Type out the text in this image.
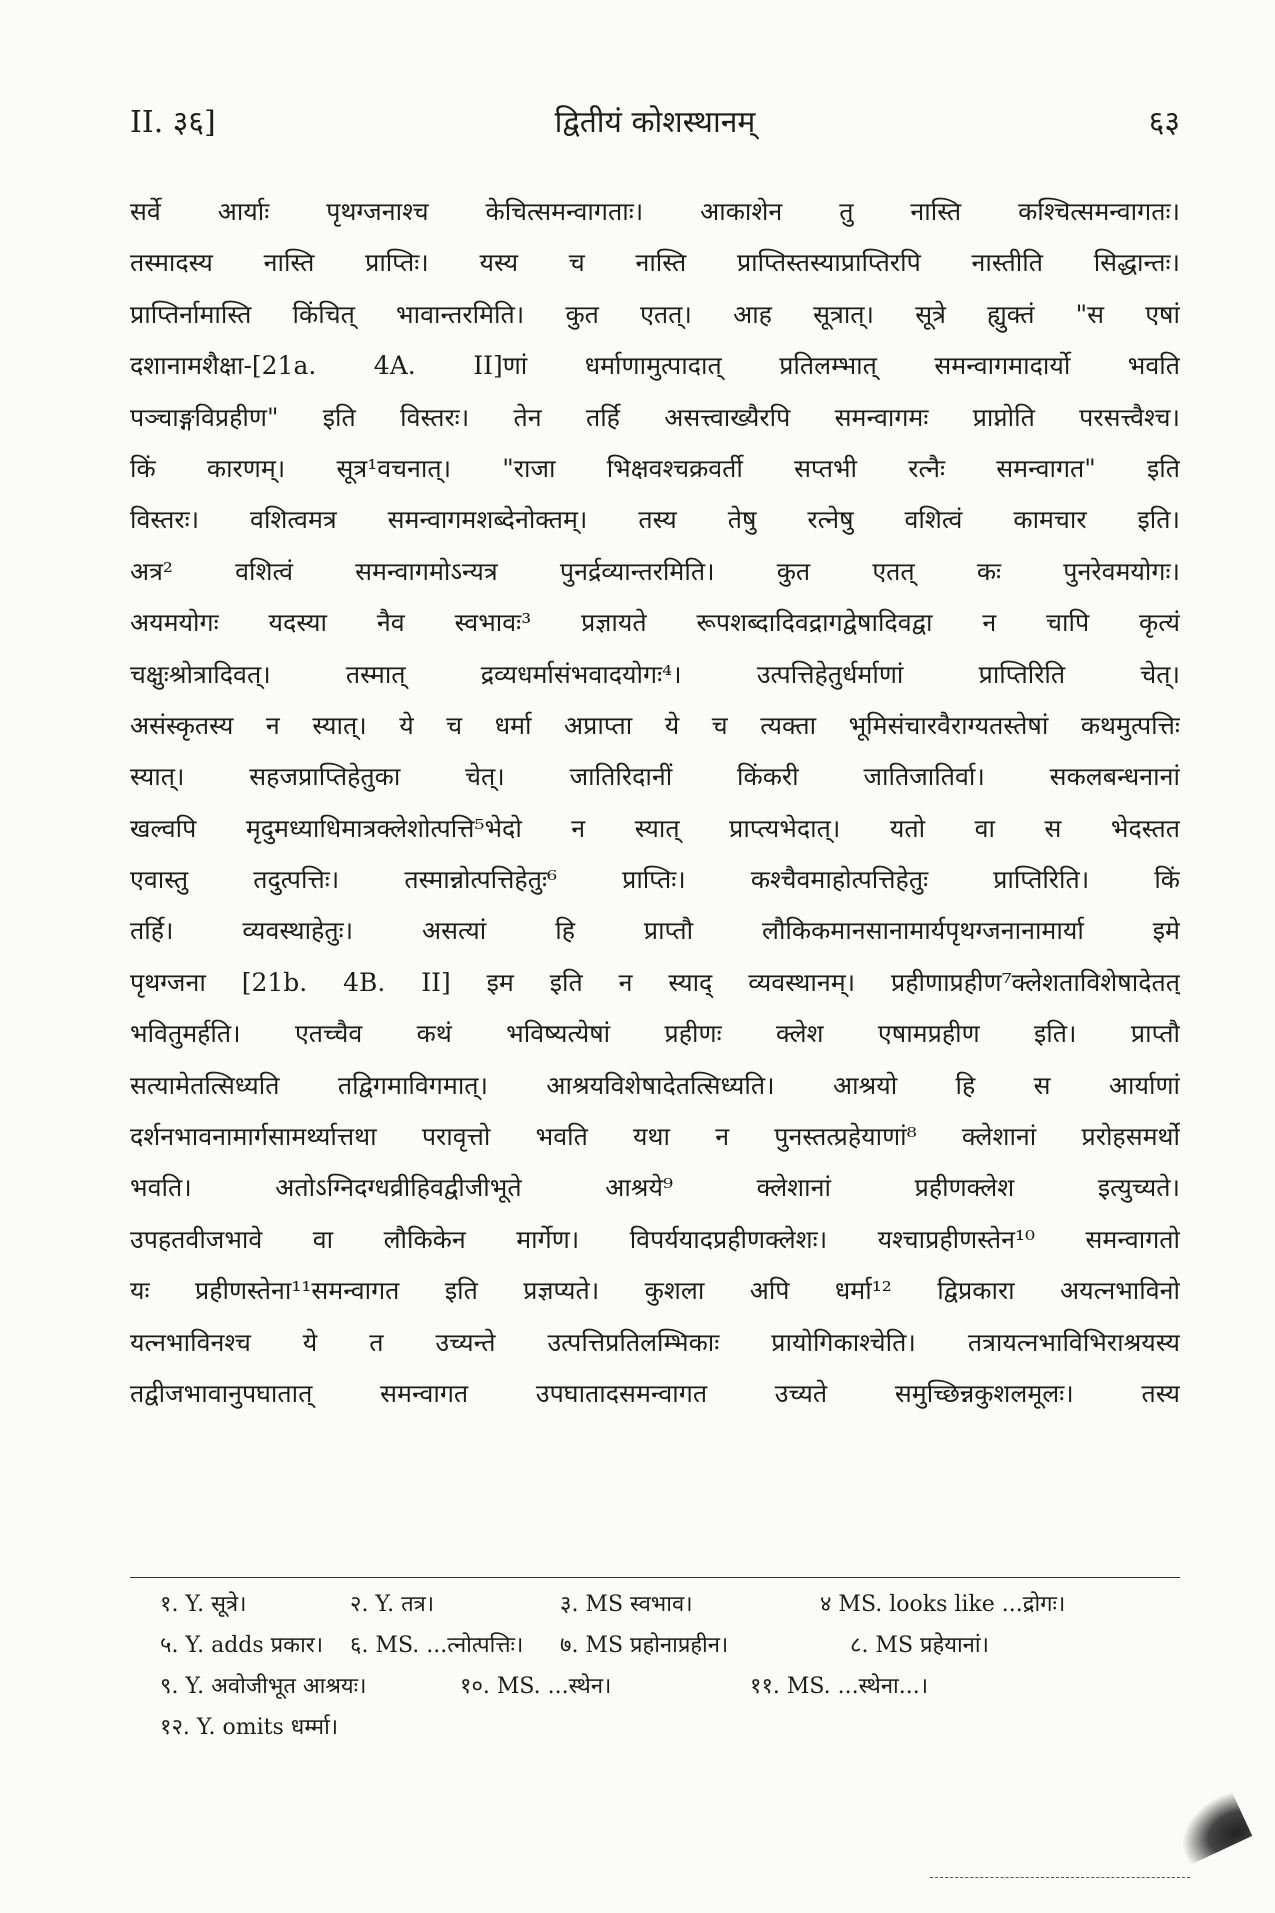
II. ३६]	द्वितीयं कोशस्थानम्	६३
सर्वे आर्याः पृथग्जनाश्च केचित्समन्वागताः। आकाशेन तु नास्ति कश्चित्समन्वागतः।
तस्मादस्य नास्ति प्राप्तिः। यस्य च नास्ति प्राप्तिस्तस्याप्राप्तिरपि नास्तीति सिद्धान्तः।
प्राप्तिर्नामास्ति किंचित् भावान्तरमिति। कुत एतत्। आह सूत्रात्। सूत्रे ह्युक्तं "स एषां
दशानामशैक्षा-[21a. 4A. II]णां धर्माणामुत्पादात् प्रतिलम्भात् समन्वागमादार्यो भवति
पञ्चाङ्गविप्रहीण" इति विस्तरः। तेन तर्हि असत्त्वाख्यैरपि समन्वागमः प्राप्नोति परसत्त्वैश्च।
किं कारणम्। सूत्र¹वचनात्। "राजा भिक्षवश्चक्रवर्ती सप्तभी रत्नैः समन्वागत" इति
विस्तरः। वशित्वमत्र समन्वागमशब्देनोक्तम्। तस्य तेषु रत्नेषु वशित्वं कामचार इति।
अत्र² वशित्वं समन्वागमोऽन्यत्र पुनर्द्रव्यान्तरमिति। कुत एतत् कः पुनरेवमयोगः।
अयमयोगः यदस्या नैव स्वभावः³ प्रज्ञायते रूपशब्दादिवद्रागद्वेषादिवद्वा न चापि कृत्यं
चक्षुःश्रोत्रादिवत्। तस्मात् द्रव्यधर्मासंभवादयोगः⁴। उत्पत्तिहेतुर्धर्माणां प्राप्तिरिति चेत्।
असंस्कृतस्य न स्यात्। ये च धर्मा अप्राप्ता ये च त्यक्ता भूमिसंचारवैराग्यतस्तेषां कथमुत्पत्तिः
स्यात्। सहजप्राप्तिहेतुका चेत्। जातिरिदानीं किंकरी जातिजातिर्वा। सकलबन्धनानां
खल्वपि मृदुमध्याधिमात्रक्लेशोत्पत्ति⁵भेदो न स्यात् प्राप्त्यभेदात्। यतो वा स भेदस्तत
एवास्तु तदुत्पत्तिः। तस्मान्नोत्पत्तिहेतुः⁶ प्राप्तिः। कश्चैवमाहोत्पत्तिहेतुः प्राप्तिरिति। किं
तर्हि। व्यवस्थाहेतुः। असत्यां हि प्राप्तौ लौकिकमानसानामार्यपृथग्जनानामार्या इमे
पृथग्जना [21b. 4B. II] इम इति न स्याद् व्यवस्थानम्। प्रहीणाप्रहीण⁷क्लेशताविशेषादेतत्
भवितुमर्हति। एतच्चैव कथं भविष्यत्येषां प्रहीणः क्लेश एषामप्रहीण इति। प्राप्तौ
सत्यामेतत्सिध्यति तद्विगमाविगमात्। आश्रयविशेषादेतत्सिध्यति। आश्रयो हि स आर्याणां
दर्शनभावनामार्गसामर्थ्यात्तथा परावृत्तो भवति यथा न पुनस्तत्प्रहेयाणां⁸ क्लेशानां प्ररोहसमर्थो
भवति। अतोऽग्निदग्धव्रीहिवद्वीजीभूते आश्रये⁹ क्लेशानां प्रहीणक्लेश इत्युच्यते।
उपहतवीजभावे वा लौकिकेन मार्गेण। विपर्ययादप्रहीणक्लेशः। यश्चाप्रहीणस्तेन¹⁰ समन्वागतो
यः प्रहीणस्तेना¹¹समन्वागत इति प्रज्ञप्यते। कुशला अपि धर्मा¹² द्विप्रकारा अयत्नभाविनो
यत्नभाविनश्च ये त उच्यन्ते उत्पत्तिप्रतिलम्भिकाः प्रायोगिकाश्चेति। तत्रायत्नभाविभिराश्रयस्य
तद्वीजभावानुपघातात् समन्वागत उपघातादसमन्वागत उच्यते समुच्छिन्नकुशलमूलः। तस्य
१. Y. सूत्रे।	२. Y. तत्र।	३. MS स्वभाव।	४ MS. looks like ...द्रोगः।
५. Y. adds प्रकार।	६. MS. ...त्नोत्पत्तिः।	७. MS प्रहोनाप्रहीन।	८. MS प्रहेयानां।
९. Y. अवोजीभूत आश्रयः।	१०. MS. ...स्थेन।	११. MS. ...स्थेना...।
१२. Y. omits धर्म्मा।
